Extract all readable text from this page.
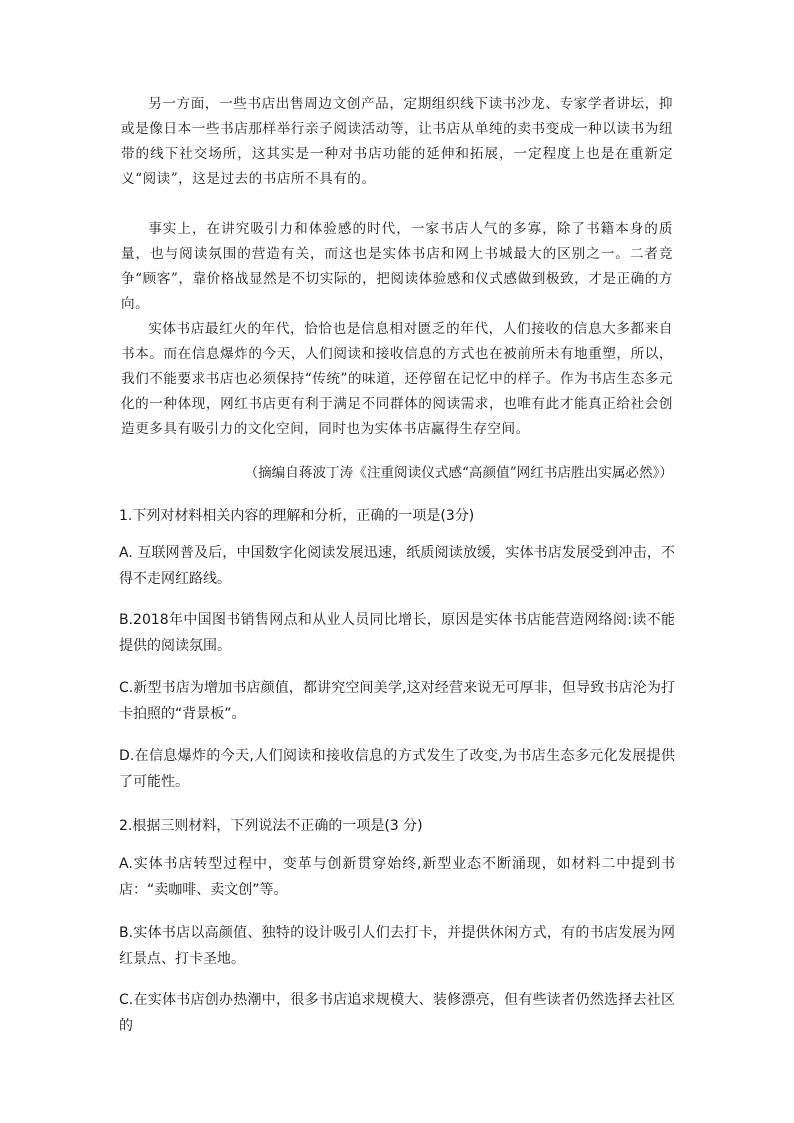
另一方面，一些书店出售周边文创产品，定期组织线下读书沙龙、专家学者讲坛，抑或是像日本一些书店那样举行亲子阅读活动等，让书店从单纯的卖书变成一种以读书为纽带的线下社交场所，这其实是一种对书店功能的延伸和拓展，一定程度上也是在重新定义“阅读”，这是过去的书店所不具有的。

事实上，在讲究吸引力和体验感的时代，一家书店人气的多寡，除了书籍本身的质量，也与阅读氛围的营造有关，而这也是实体书店和网上书城最大的区别之一。二者竞争“顾客”，靠价格战显然是不切实际的，把阅读体验感和仪式感做到极致，才是正确的方向。

实体书店最红火的年代，恰恰也是信息相对匮乏的年代，人们接收的信息大多都来自书本。而在信息爆炸的今天，人们阅读和接收信息的方式也在被前所未有地重塑，所以，我们不能要求书店也必须保持“传统”的味道，还停留在记忆中的样子。作为书店生态多元化的一种体现，网红书店更有利于满足不同群体的阅读需求，也唯有此才能真正给社会创造更多具有吸引力的文化空间，同时也为实体书店赢得生存空间。

（摘编自蒋波丁涛《注重阅读仪式感“高颜值”网红书店胜出实属必然》）

1.下列对材料相关内容的理解和分析，正确的一项是(3分)

A. 互联网普及后，中国数字化阅读发展迅速，纸质阅读放缓，实体书店发展受到冲击，不得不走网红路线。

B.2018年中国图书销售网点和从业人员同比增长，原因是实体书店能营造网络阅:读不能提供的阅读氛围。

C.新型书店为增加书店颜值，都讲究空间美学,这对经营来说无可厚非，但导致书店沦为打卡拍照的“背景板”。

D.在信息爆炸的今天,人们阅读和接收信息的方式发生了改变,为书店生态多元化发展提供了可能性。

2.根据三则材料，下列说法不正确的一项是(3 分)

A.实体书店转型过程中，变革与创新贯穿始终,新型业态不断涌现，如材料二中提到书店：“卖咖啡、卖文创”等。

B.实体书店以高颜值、独特的设计吸引人们去打卡，并提供休闲方式，有的书店发展为网红景点、打卡圣地。

C.在实体书店创办热潮中，很多书店追求规模大、装修漂亮，但有些读者仍然选择去社区的
